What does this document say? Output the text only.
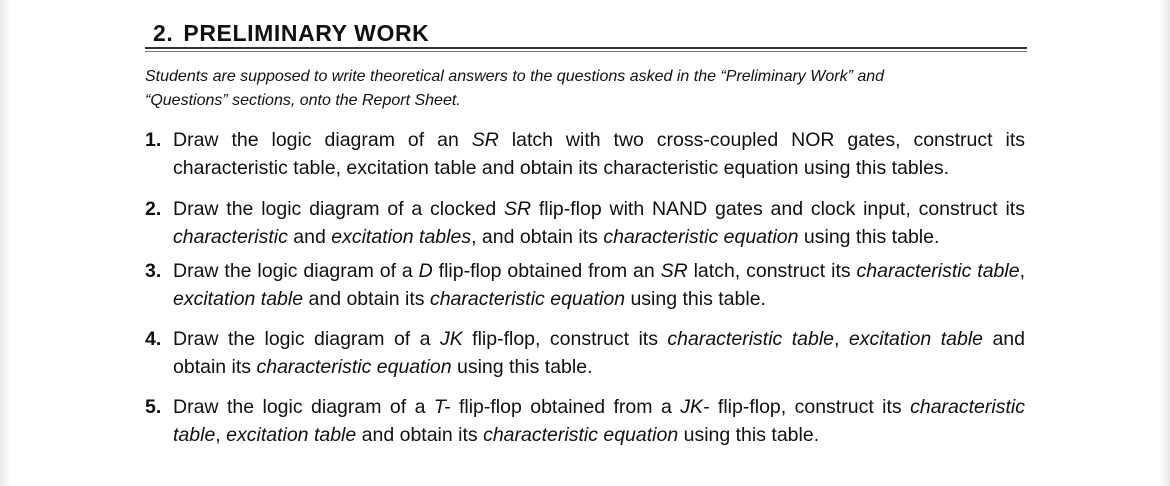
2. PRELIMINARY WORK
Students are supposed to write theoretical answers to the questions asked in the “Preliminary Work” and
“Questions” sections, onto the Report Sheet.
1. Draw the logic diagram of an SR latch with two cross-coupled NOR gates, construct its characteristic table, excitation table and obtain its characteristic equation using this tables.
2. Draw the logic diagram of a clocked SR flip-flop with NAND gates and clock input, construct its characteristic and excitation tables, and obtain its characteristic equation using this table.
3. Draw the logic diagram of a D flip-flop obtained from an SR latch, construct its characteristic table, excitation table and obtain its characteristic equation using this table.
4. Draw the logic diagram of a JK flip-flop, construct its characteristic table, excitation table and obtain its characteristic equation using this table.
5. Draw the logic diagram of a T- flip-flop obtained from a JK- flip-flop, construct its characteristic table, excitation table and obtain its characteristic equation using this table.
